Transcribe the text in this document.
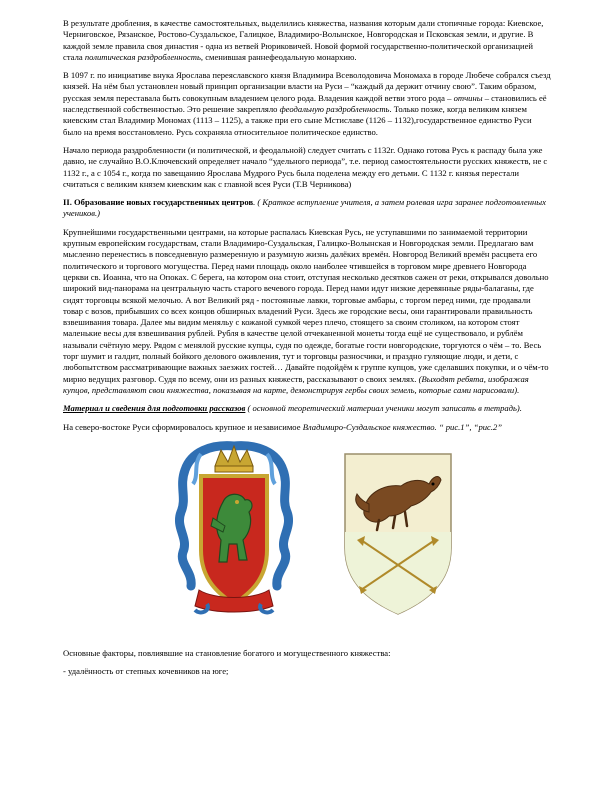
В результате дробления, в качестве самостоятельных, выделились княжества, названия которым дали стопичные города: Киевское, Черниговское, Рязанское, Ростово-Суздальское, Галицкое, Владимиро-Волынское, Новгородская и Псковская земли, и другие. В каждой земле правила своя династия - одна из ветвей Рюриковичей. Новой формой государственно-политической организацией стала политическая раздробленность, сменившая раннефеодальную монархию.

В 1097 г. по инициативе внука Ярослава переяславского князя Владимира Всеволодовича Мономаха в городе Любече собрался съезд князей. На нём был установлен новый принцип организации власти на Руси – “каждый да держит отчину свою”. Таким образом, русская земля переставала быть совокупным владением целого рода. Владения каждой ветви этого рода – отчины – становились её наследственной собственностью. Это решение закрепляло феодальную раздробленность. Только позже, когда великим князем киевским стал Владимир Мономах (1113 – 1125), а также при его сыне Мстиславе (1126 – 1132),государственное единство Руси было на время восстановлено. Русь сохраняла относительное политическое единство.

Начало периода раздробленности (и политической, и феодальной) следует считать с 1132г. Однако готова Русь к распаду была уже давно, не случайно В.О.Ключевский определяет начало “удельного периода”, т.е. период самостоятельности русских княжеств, не с 1132 г., а с 1054 г., когда по завещанию Ярослава Мудрого Русь была поделена между его детьми. С 1132 г. князья перестали считаться с великим князем киевским как с главной всея Руси (Т.В Черникова)

II. Образование новых государственных центров. ( Краткое вступление учителя, а затем ролевая игра заранее подготовленных учеников.)

Крупнейшими государственными центрами, на которые распалась Киевская Русь, не уступавшими по занимаемой территории крупным европейским государствам, стали Владимиро-Суздальская, Галицко-Волынская и Новгородская земли. Предлагаю вам мысленно перенестись в повседневную размеренную и разумную жизнь далёких времён. Новгород Великий времён расцвета его политического и торгового могущества. Перед нами площадь около наиболее чтившейся в торговом мире древнего Новгорода церкви св. Иоанна, что на Опоках. С берега, на котором она стоит, отступая несколько десятков сажен от реки, открывался довольно широкий вид-панорама на центральную часть старого вечевого города. Перед нами идут низкие деревянные ряды-балаганы, где сидят торговцы всякой мелочью. А вот Великий ряд - постоянные лавки, торговые амбары, с торгом перед ними, где продавали товар с возов, прибывших со всех концов обширных владений Руси. Здесь же городские весы, они гарантировали правильность взвешивания товара. Далее мы видим меняльу с кожаной сумкой через плечо, стоящего за своим столиком, на котором стоят маленькие весы для взвешивания рублей. Рубля в качестве целой отчеканенной монеты тогда ещё не существовало, и рублём называли счётную меру. Рядом с менялой русские купцы, судя по одежде, богатые гости новгородские, торгуются о чём – то. Весь торг шумит и галдит, полный бойкого делового оживления, тут и торговцы разносчики, и праздно гуляющие люди, и дети, с любопытством рассматривающие важных заезжих гостей… Давайте подойдём к группе купцов, уже сделавших покупки, и о чём-то мирно ведущих разговор. Судя по всему, они из разных княжеств, рассказывают о своих землях. (Выходят ребята, изображая купцов, представляют свои княжества, показывая на карте, демонстрируя гербы своих земель, которые сами нарисовали).

Материал и сведения для подготовки рассказов ( основной теоретический материал ученики могут записать в тетрадь).

На северо-востоке Руси сформировалось крупное и независимое Владимиро-Суздальское княжество. “ рис.1”, “рис.2”

Основные факторы, повлиявшие на становление богатого и могущественного княжества:

- удалённость от степных кочевников на юге;
